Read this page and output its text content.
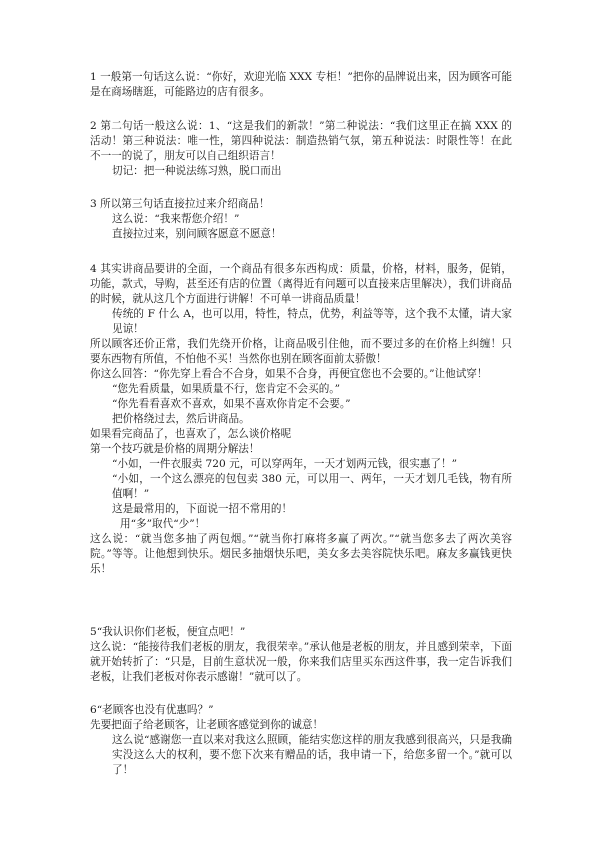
1 一般第一句话这么说：“你好，欢迎光临 XXX 专柜！”把你的品牌说出来，因为顾客可能是在商场瞎逛，可能路边的店有很多。

2 第二句话一般这么说：1、“这是我们的新款！”第二种说法：“我们这里正在搞 XXX 的活动！第三种说法：唯一性，第四种说法：制造热销气氛，第五种说法：时限性等！在此不一一的说了，朋友可以自己组织语言！

切记：把一种说法练习熟，脱口而出

3 所以第三句话直接拉过来介绍商品！

这么说：“我来帮您介绍！”

直接拉过来，别问顾客愿意不愿意！

4 其实讲商品要讲的全面，一个商品有很多东西构成：质量，价格，材料，服务，促销，功能，款式，导购，甚至还有店的位置（离得近有问题可以直接来店里解决），我们讲商品的时候，就从这几个方面进行讲解！不可单一讲商品质量！

传统的 F 什么 A，也可以用，特性，特点，优势，利益等等，这个我不太懂，请大家见谅！

所以顾客还价正常，我们先绕开价格，让商品吸引住他，而不要过多的在价格上纠缠！只要东西物有所值，不怕他不买！当然你也别在顾客面前太骄傲！

你这么回答：“你先穿上看合不合身，如果不合身，再便宜您也不会要的。”让他试穿！

“您先看质量，如果质量不行，您肯定不会买的。”

“你先看看喜欢不喜欢，如果不喜欢你肯定不会要。”

把价格绕过去，然后讲商品。

如果看完商品了，也喜欢了，怎么谈价格呢

第一个技巧就是价格的周期分解法！

“小如，一件衣服卖 720 元，可以穿两年，一天才划两元钱，很实惠了！”

“小如，一个这么漂亮的包包卖 380 元，可以用一、两年，一天才划几毛钱，物有所值啊！”

这是最常用的，下面说一招不常用的！

用“多”取代“少”！

这么说：“就当您多抽了两包烟。”“就当你打麻将多赢了两次。”“就当您多去了两次美容院。”等等。让他想到快乐。烟民多抽烟快乐吧，美女多去美容院快乐吧。麻友多赢钱更快乐！

5“我认识你们老板，便宜点吧！”

这么说：“能接待我们老板的朋友，我很荣幸。”承认他是老板的朋友，并且感到荣幸，下面就开始转折了：“只是，目前生意状况一般，你来我们店里买东西这件事，我一定告诉我们老板，让我们老板对你表示感谢！”就可以了。

6“老顾客也没有优惠吗？”

先要把面子给老顾客，让老顾客感觉到你的诚意！

这么说“感谢您一直以来对我这么照顾，能结实您这样的朋友我感到很高兴，只是我确实没这么大的权利，要不您下次来有赠品的话，我申请一下，给您多留一个。”就可以了！
